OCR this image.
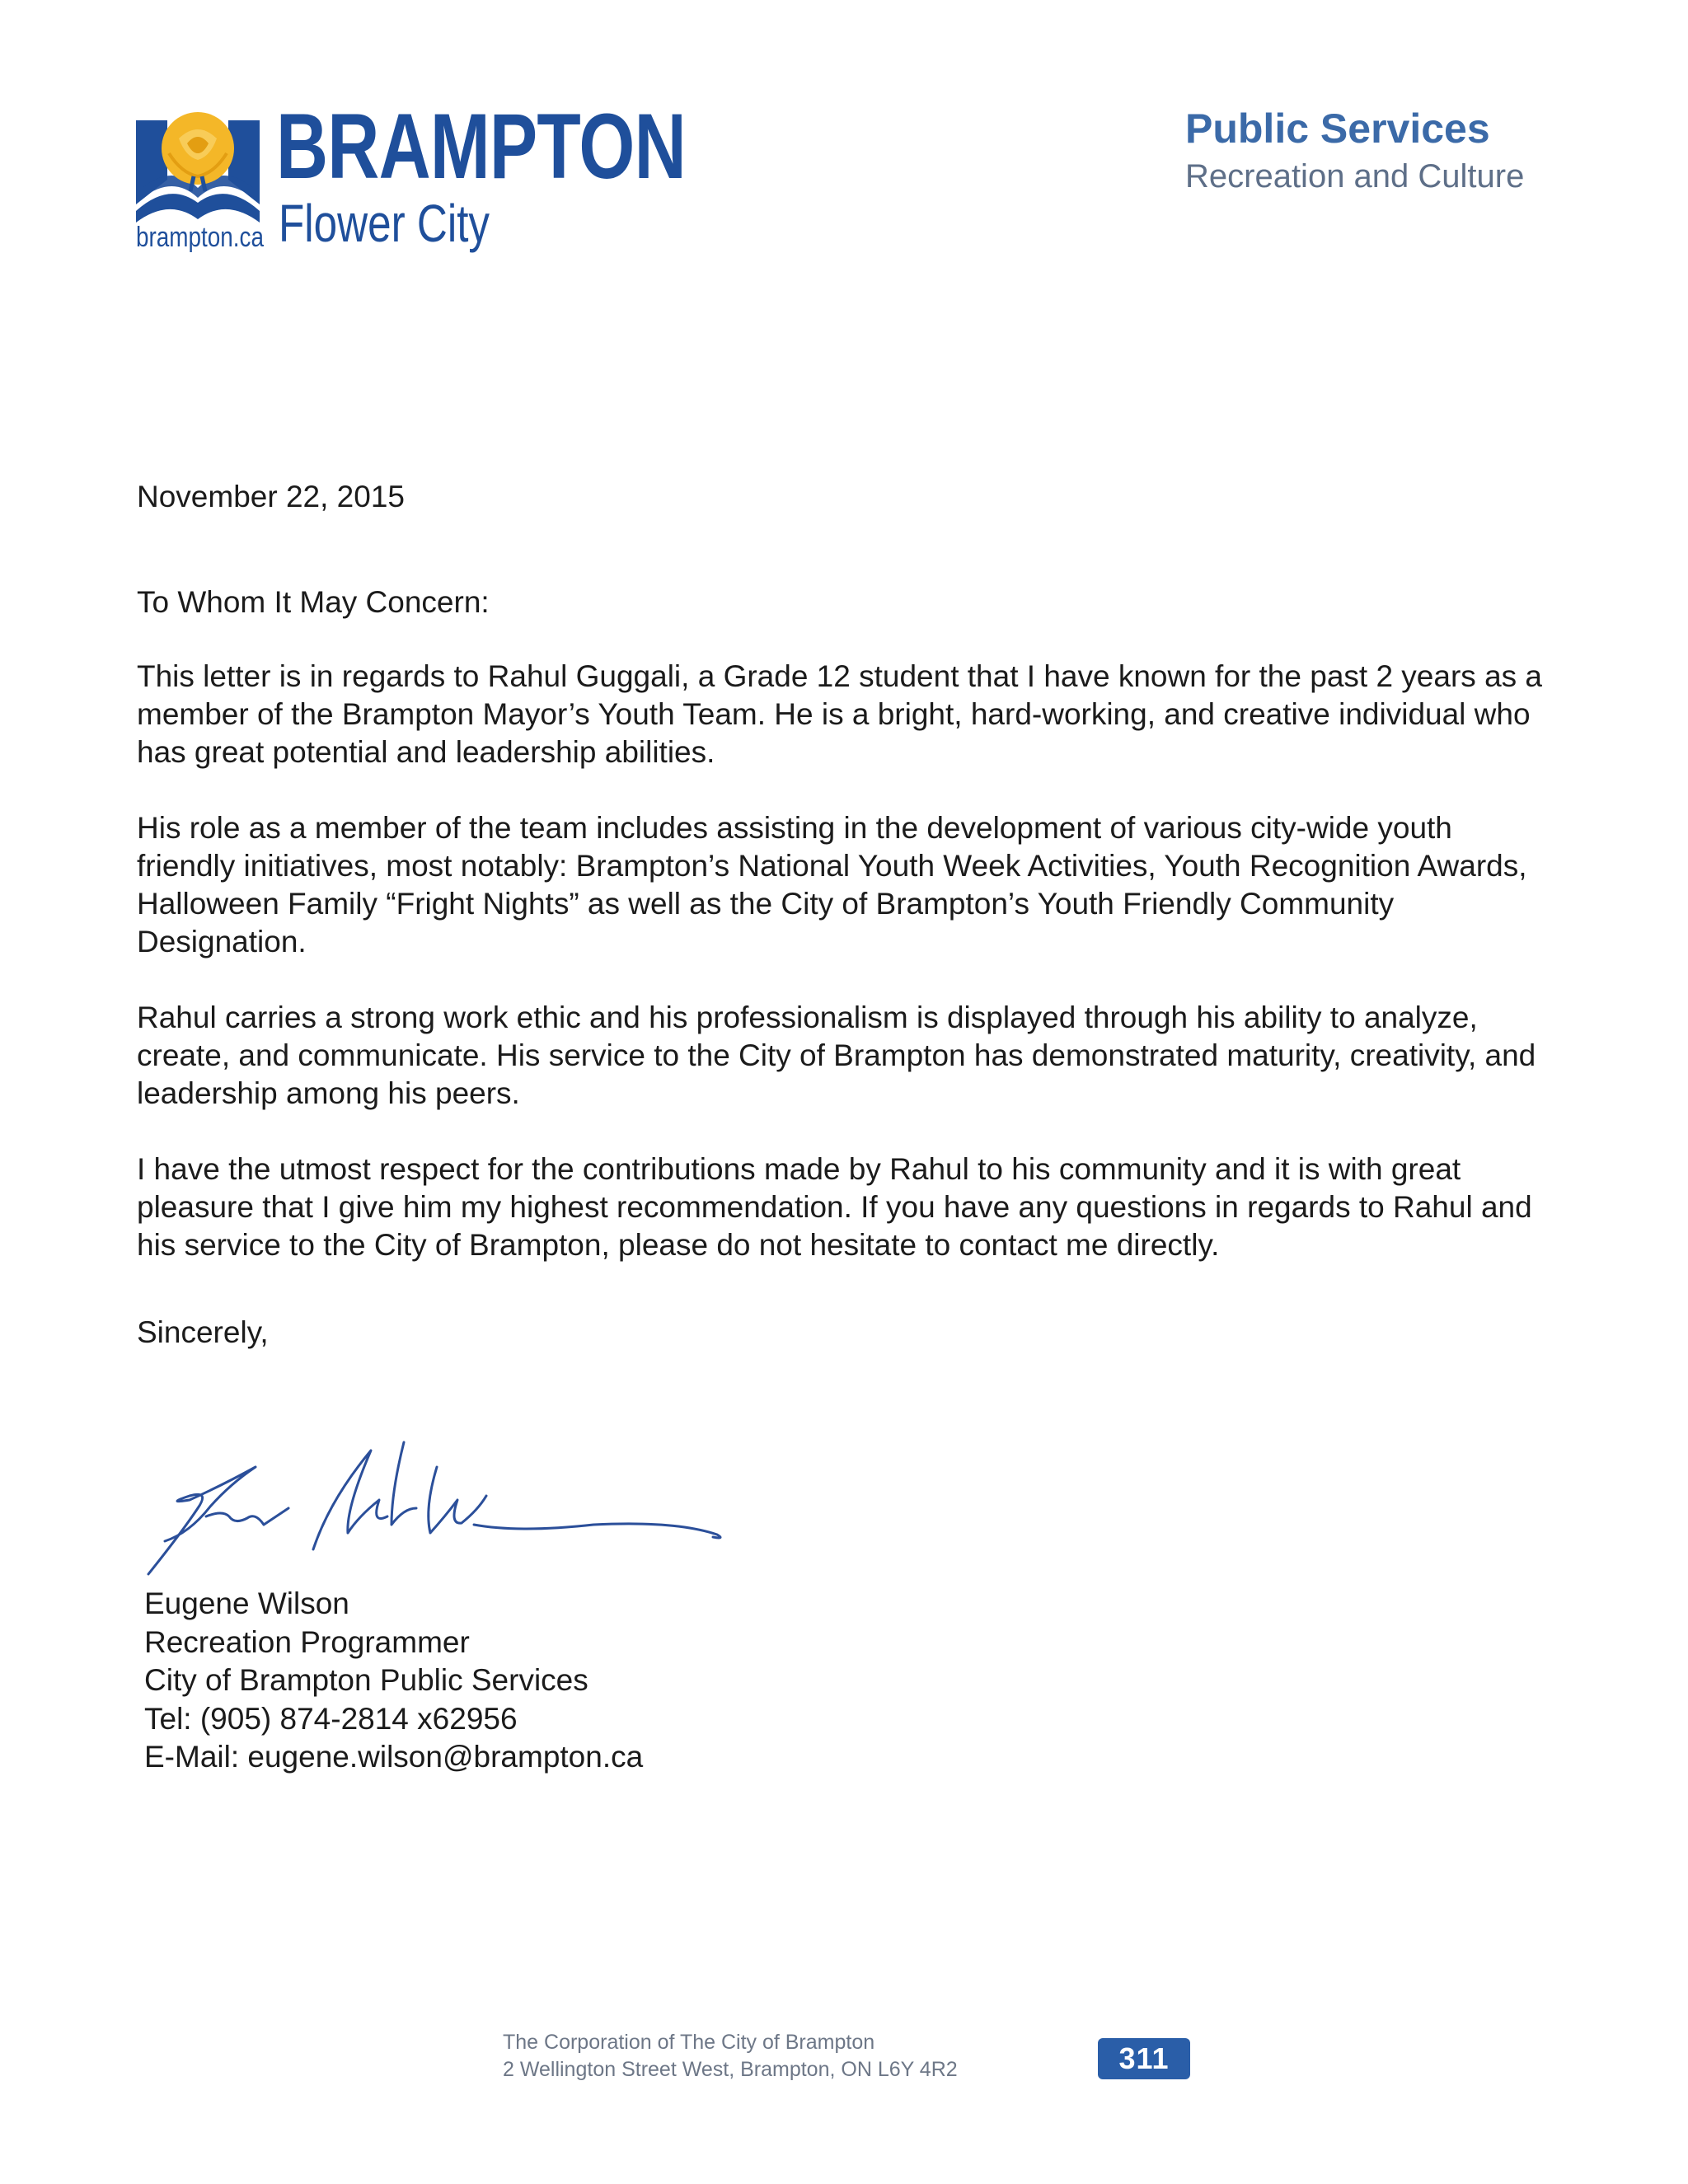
BRAMPTON
Flower City
brampton.ca
Public Services
Recreation and Culture

November 22, 2015

To Whom It May Concern:

This letter is in regards to Rahul Guggali, a Grade 12 student that I have known for the past 2 years as a member of the Brampton Mayor’s Youth Team. He is a bright, hard-working, and creative individual who has great potential and leadership abilities.

His role as a member of the team includes assisting in the development of various city-wide youth friendly initiatives, most notably: Brampton’s National Youth Week Activities, Youth Recognition Awards, Halloween Family “Fright Nights” as well as the City of Brampton’s Youth Friendly Community Designation.

Rahul carries a strong work ethic and his professionalism is displayed through his ability to analyze, create, and communicate. His service to the City of Brampton has demonstrated maturity, creativity, and leadership among his peers.

I have the utmost respect for the contributions made by Rahul to his community and it is with great pleasure that I give him my highest recommendation. If you have any questions in regards to Rahul and his service to the City of Brampton, please do not hesitate to contact me directly.

Sincerely,

Eugene Wilson
Recreation Programmer
City of Brampton Public Services
Tel: (905) 874-2814 x62956
E-Mail: eugene.wilson@brampton.ca
The Corporation of The City of Brampton
2 Wellington Street West, Brampton, ON L6Y 4R2	311
